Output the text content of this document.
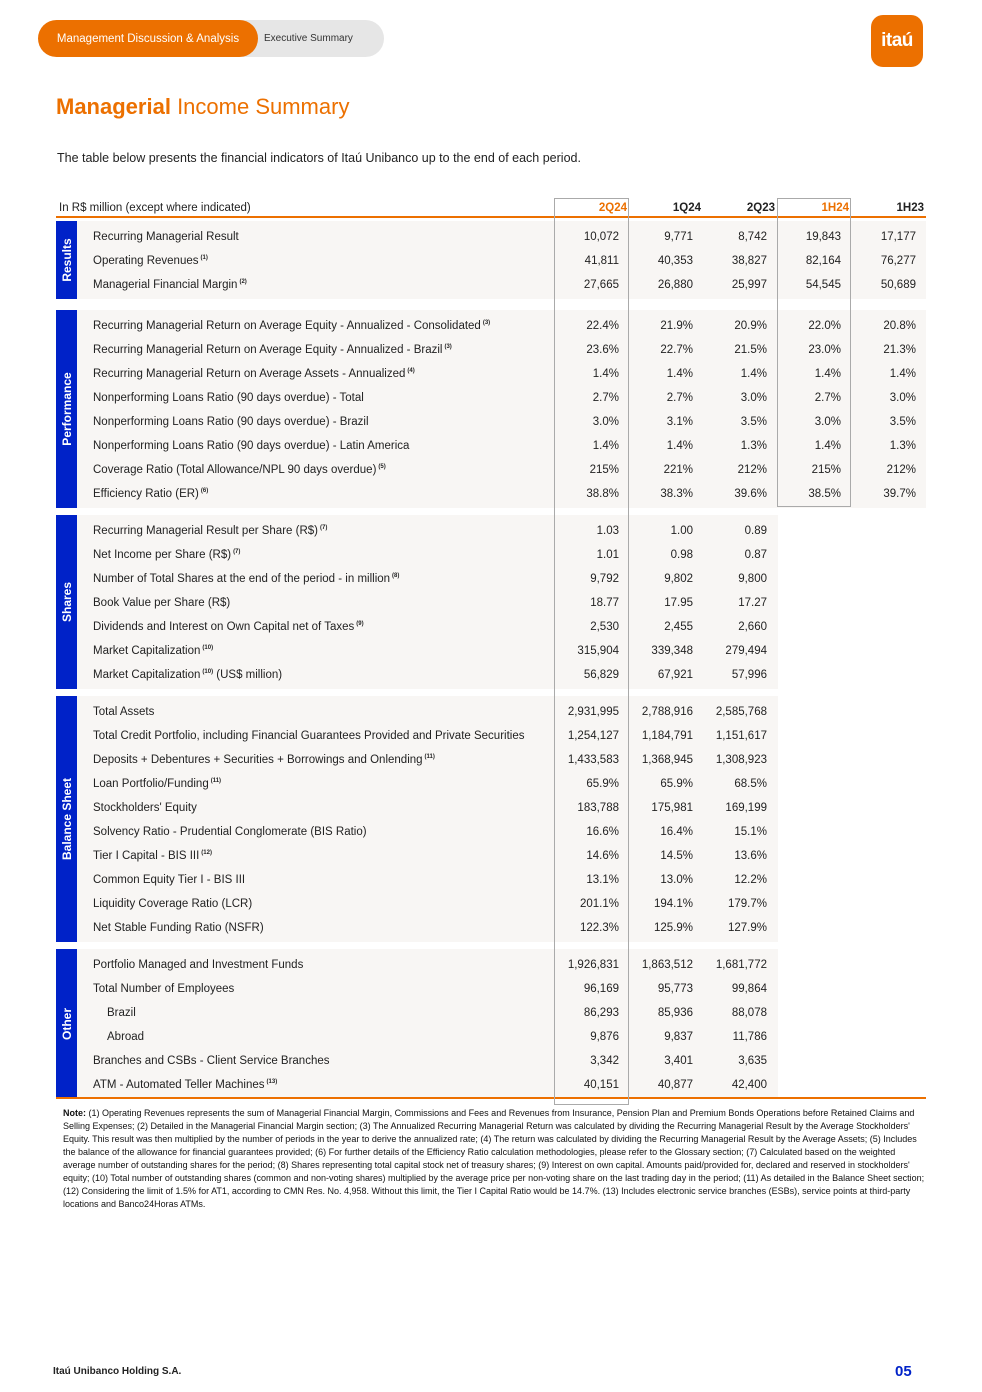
Management Discussion & Analysis	Executive Summary	itaú
Managerial Income Summary
The table below presents the financial indicators of Itaú Unibanco up to the end of each period.
In R$ million (except where indicated)	2Q24	1Q24	2Q23	1H24	1H23
Results
Recurring Managerial Result	10,072	9,771	8,742	19,843	17,177
Operating Revenues $^{(1)}$	41,811	40,353	38,827	82,164	76,277
Managerial Financial Margin $^{(2)}$	27,665	26,880	25,997	54,545	50,689
Performance
Recurring Managerial Return on Average Equity - Annualized - Consolidated $^{(3)}$	22.4%	21.9%	20.9%	22.0%	20.8%
Recurring Managerial Return on Average Equity - Annualized - Brazil $^{(3)}$	23.6%	22.7%	21.5%	23.0%	21.3%
Recurring Managerial Return on Average Assets - Annualized $^{(4)}$	1.4%	1.4%	1.4%	1.4%	1.4%
Nonperforming Loans Ratio (90 days overdue) - Total	2.7%	2.7%	3.0%	2.7%	3.0%
Nonperforming Loans Ratio (90 days overdue) - Brazil	3.0%	3.1%	3.5%	3.0%	3.5%
Nonperforming Loans Ratio (90 days overdue) - Latin America	1.4%	1.4%	1.3%	1.4%	1.3%
Coverage Ratio (Total Allowance/NPL 90 days overdue) $^{(5)}$	215%	221%	212%	215%	212%
Efficiency Ratio (ER) $^{(6)}$	38.8%	38.3%	39.6%	38.5%	39.7%
Shares
Recurring Managerial Result per Share (R$) $^{(7)}$	1.03	1.00	0.89
Net Income per Share (R$) $^{(7)}$	1.01	0.98	0.87
Number of Total Shares at the end of the period - in million $^{(8)}$	9,792	9,802	9,800
Book Value per Share (R$)	18.77	17.95	17.27
Dividends and Interest on Own Capital net of Taxes $^{(9)}$	2,530	2,455	2,660
Market Capitalization $^{(10)}$	315,904	339,348	279,494
Market Capitalization $^{(10)}$ (US$ million)	56,829	67,921	57,996
Balance Sheet
Total Assets	2,931,995	2,788,916	2,585,768
Total Credit Portfolio, including Financial Guarantees Provided and Private Securities	1,254,127	1,184,791	1,151,617
Deposits + Debentures + Securities + Borrowings and Onlending $^{(11)}$	1,433,583	1,368,945	1,308,923
Loan Portfolio/Funding $^{(11)}$	65.9%	65.9%	68.5%
Stockholders' Equity	183,788	175,981	169,199
Solvency Ratio - Prudential Conglomerate (BIS Ratio)	16.6%	16.4%	15.1%
Tier I Capital - BIS III $^{(12)}$	14.6%	14.5%	13.6%
Common Equity Tier I - BIS III	13.1%	13.0%	12.2%
Liquidity Coverage Ratio (LCR)	201.1%	194.1%	179.7%
Net Stable Funding Ratio (NSFR)	122.3%	125.9%	127.9%
Other
Portfolio Managed and Investment Funds	1,926,831	1,863,512	1,681,772
Total Number of Employees	96,169	95,773	99,864
Brazil	86,293	85,936	88,078
Abroad	9,876	9,837	11,786
Branches and CSBs - Client Service Branches	3,342	3,401	3,635
ATM - Automated Teller Machines $^{(13)}$	40,151	40,877	42,400
Note: (1) Operating Revenues represents the sum of Managerial Financial Margin, Commissions and Fees and Revenues from Insurance, Pension Plan and Premium Bonds Operations before Retained Claims and Selling Expenses; (2) Detailed in the Managerial Financial Margin section; (3) The Annualized Recurring Managerial Return was calculated by dividing the Recurring Managerial Result by the Average Stockholders' Equity. This result was then multiplied by the number of periods in the year to derive the annualized rate; (4) The return was calculated by dividing the Recurring Managerial Result by the Average Assets; (5) Includes the balance of the allowance for financial guarantees provided; (6) For further details of the Efficiency Ratio calculation methodologies, please refer to the Glossary section; (7) Calculated based on the weighted average number of outstanding shares for the period; (8) Shares representing total capital stock net of treasury shares; (9) Interest on own capital. Amounts paid/provided for, declared and reserved in stockholders' equity; (10) Total number of outstanding shares (common and non-voting shares) multiplied by the average price per non-voting share on the last trading day in the period; (11) As detailed in the Balance Sheet section; (12) Considering the limit of 1.5% for AT1, according to CMN Res. No. 4,958. Without this limit, the Tier I Capital Ratio would be 14.7%. (13) Includes electronic service branches (ESBs), service points at third-party locations and Banco24Horas ATMs.
Itaú Unibanco Holding S.A.	05
